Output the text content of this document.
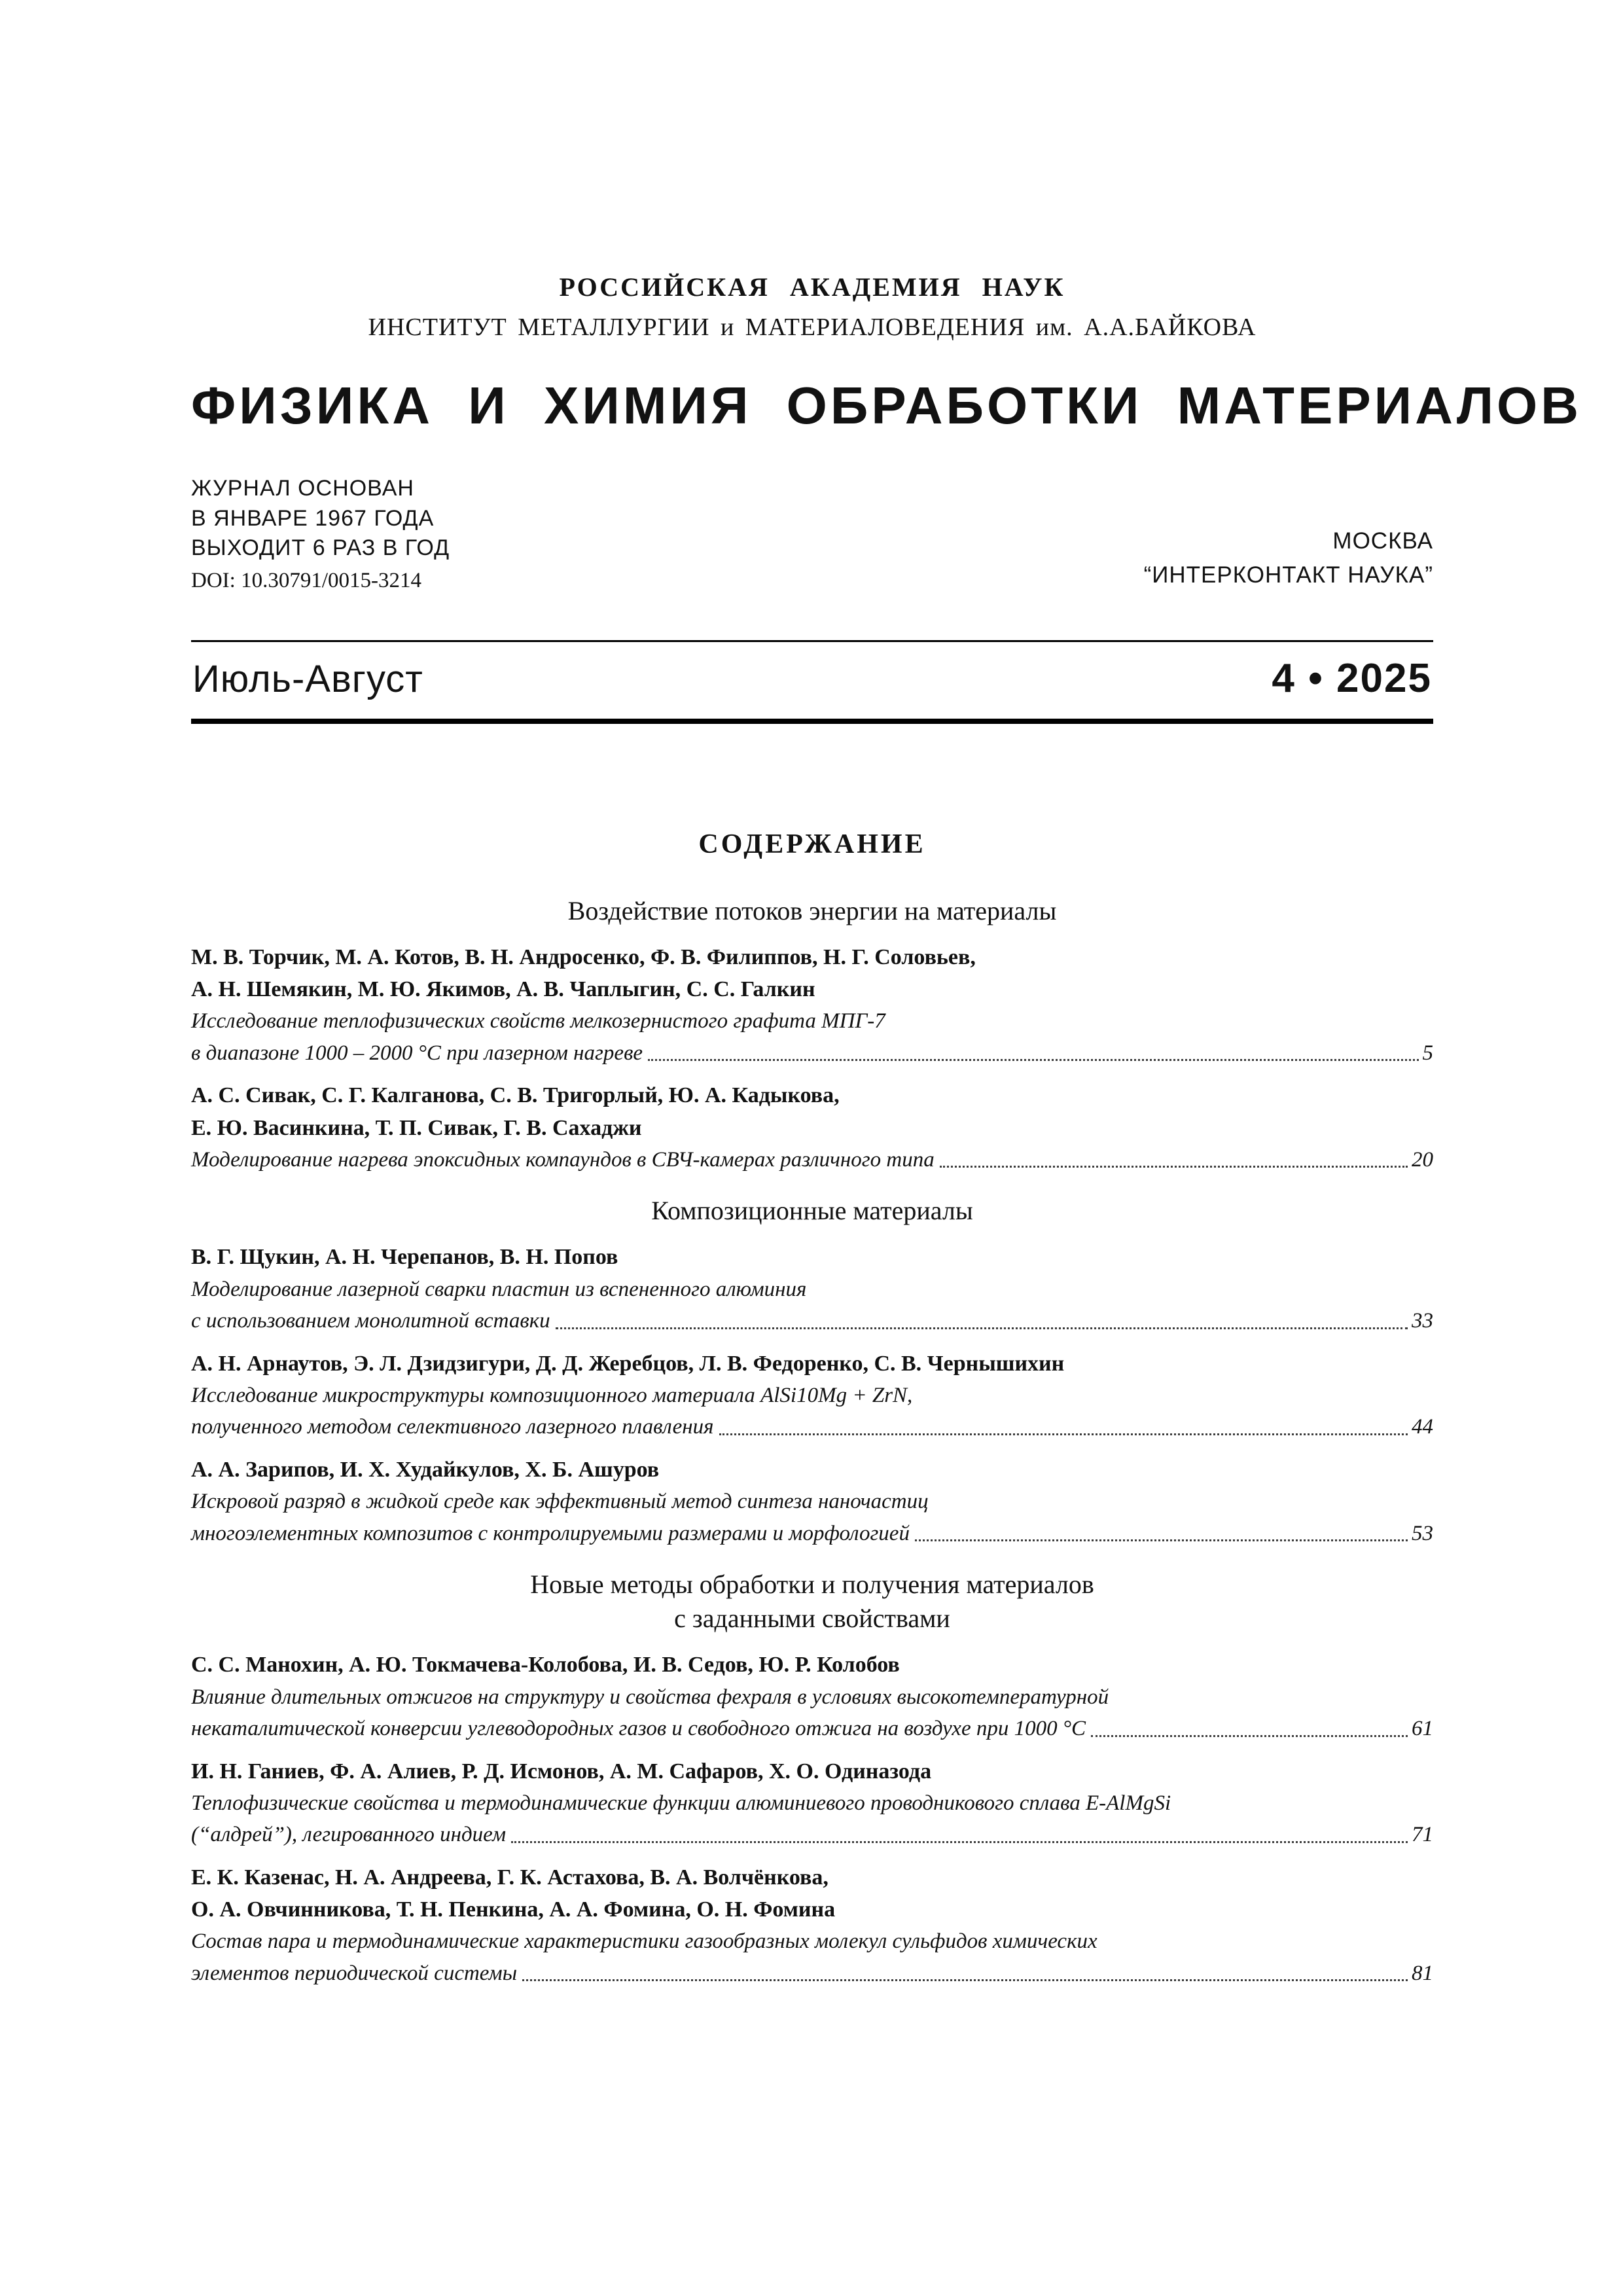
РОССИЙСКАЯ АКАДЕМИЯ НАУК
ИНСТИТУТ МЕТАЛЛУРГИИ и МАТЕРИАЛОВЕДЕНИЯ им. А.А.БАЙКОВА
ФИЗИКА И ХИМИЯ ОБРАБОТКИ МАТЕРИАЛОВ
ЖУРНАЛ ОСНОВАН
В ЯНВАРЕ 1967 ГОДА
ВЫХОДИТ 6 РАЗ В ГОД
DOI: 10.30791/0015-3214
МОСКВА
“ИНТЕРКОНТАКТ НАУКА”
Июль-Август	4 • 2025
СОДЕРЖАНИЕ
Воздействие потоков энергии на материалы
М. В. Торчик, М. А. Котов, В. Н. Андросенко, Ф. В. Филиппов, Н. Г. Соловьев,
А. Н. Шемякин, М. Ю. Якимов, А. В. Чаплыгин, С. С. Галкин
Исследование теплофизических свойств мелкозернистого графита МПГ-7
в диапазоне 1000 – 2000 °С при лазерном нагреве	5
А. С. Сивак, С. Г. Калганова, С. В. Тригорлый, Ю. А. Кадыкова,
Е. Ю. Васинкина, Т. П. Сивак, Г. В. Сахаджи
Моделирование нагрева эпоксидных компаундов в СВЧ-камерах различного типа	20
Композиционные материалы
В. Г. Щукин, А. Н. Черепанов, В. Н. Попов
Моделирование лазерной сварки пластин из вспененного алюминия
с использованием монолитной вставки	33
А. Н. Арнаутов, Э. Л. Дзидзигури, Д. Д. Жеребцов, Л. В. Федоренко, С. В. Чернышихин
Исследование микроструктуры композиционного материала AlSi10Mg + ZrN,
полученного методом селективного лазерного плавления	44
А. А. Зарипов, И. Х. Худайкулов, Х. Б. Ашуров
Искровой разряд в жидкой среде как эффективный метод синтеза наночастиц
многоэлементных композитов с контролируемыми размерами и морфологией	53
Новые методы обработки и получения материалов
с заданными свойствами
С. С. Манохин, А. Ю. Токмачева-Колобова, И. В. Седов, Ю. Р. Колобов
Влияние длительных отжигов на структуру и свойства фехраля в условиях высокотемпературной
некаталитической конверсии углеводородных газов и свободного отжига на воздухе при 1000 °С	61
И. Н. Ганиев, Ф. А. Алиев, Р. Д. Исмонов, А. М. Сафаров, Х. О. Одиназода
Теплофизические свойства и термодинамические функции алюминиевого проводникового сплава E-AlMgSi
(“алдрей”), легированного индием	71
Е. К. Казенас, Н. А. Андреева, Г. К. Астахова, В. А. Волчёнкова,
О. А. Овчинникова, Т. Н. Пенкина, А. А. Фомина, О. Н. Фомина
Состав пара и термодинамические характеристики газообразных молекул сульфидов химических
элементов периодической системы	81
